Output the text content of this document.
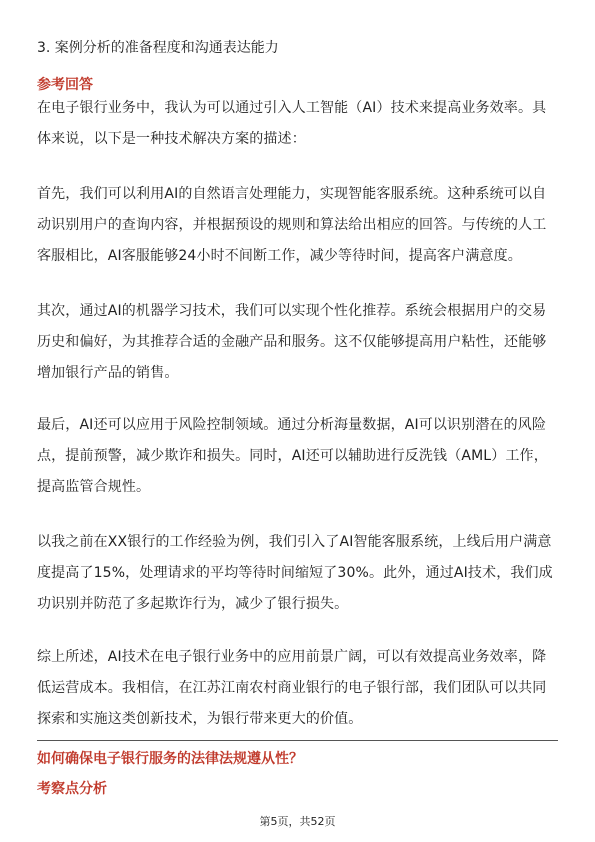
3. 案例分析的准备程度和沟通表达能力
参考回答
在电子银行业务中，我认为可以通过引入人工智能（AI）技术来提高业务效率。具
体来说，以下是一种技术解决方案的描述：
首先，我们可以利用AI的自然语言处理能力，实现智能客服系统。这种系统可以自
动识别用户的查询内容，并根据预设的规则和算法给出相应的回答。与传统的人工
客服相比，AI客服能够24小时不间断工作，减少等待时间，提高客户满意度。
其次，通过AI的机器学习技术，我们可以实现个性化推荐。系统会根据用户的交易
历史和偏好，为其推荐合适的金融产品和服务。这不仅能够提高用户粘性，还能够
增加银行产品的销售。
最后，AI还可以应用于风险控制领域。通过分析海量数据，AI可以识别潜在的风险
点，提前预警，减少欺诈和损失。同时，AI还可以辅助进行反洗钱（AML）工作，
提高监管合规性。
以我之前在XX银行的工作经验为例，我们引入了AI智能客服系统，上线后用户满意
度提高了15%，处理请求的平均等待时间缩短了30%。此外，通过AI技术，我们成
功识别并防范了多起欺诈行为，减少了银行损失。
综上所述，AI技术在电子银行业务中的应用前景广阔，可以有效提高业务效率，降
低运营成本。我相信，在江苏江南农村商业银行的电子银行部，我们团队可以共同
探索和实施这类创新技术，为银行带来更大的价值。
如何确保电子银行服务的法律法规遵从性？
考察点分析
第5页，共52页
